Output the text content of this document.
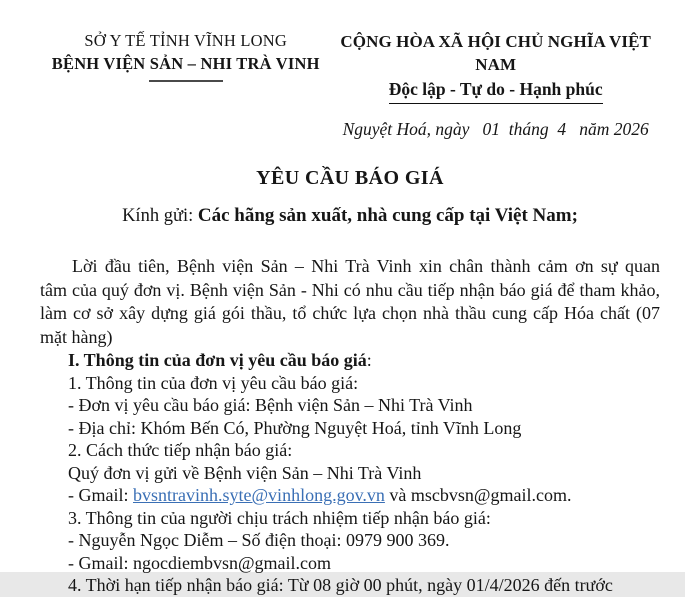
SỞ Y TẾ TỈNH VĨNH LONG
BỆNH VIỆN SẢN – NHI TRÀ VINH
CỘNG HÒA XÃ HỘI CHỦ NGHĨA VIỆT NAM
Độc lập - Tự do - Hạnh phúc
Nguyệt Hoá, ngày   01  tháng  4   năm 2026
YÊU CẦU BÁO GIÁ
Kính gửi: Các hãng sản xuất, nhà cung cấp tại Việt Nam;
Lời đầu tiên, Bệnh viện Sản – Nhi Trà Vinh xin chân thành cảm ơn sự quan
tâm của quý đơn vị. Bệnh viện Sản - Nhi có nhu cầu tiếp nhận báo giá để tham khảo,
làm cơ sở xây dựng giá gói thầu, tổ chức lựa chọn nhà thầu cung cấp Hóa chất (07
mặt hàng)
I. Thông tin của đơn vị yêu cầu báo giá:
1. Thông tin của đơn vị yêu cầu báo giá:
- Đơn vị yêu cầu báo giá: Bệnh viện Sản – Nhi Trà Vinh
- Địa chỉ: Khóm Bến Có, Phường Nguyệt Hoá, tỉnh Vĩnh Long
2. Cách thức tiếp nhận báo giá:
Quý đơn vị gửi về Bệnh viện Sản – Nhi Trà Vinh
- Gmail: bvsntravinh.syte@vinhlong.gov.vn và mscbvsn@gmail.com.
3. Thông tin của người chịu trách nhiệm tiếp nhận báo giá:
- Nguyễn Ngọc Diễm – Số điện thoại: 0979 900 369.
- Gmail: ngocdiembvsn@gmail.com
4. Thời hạn tiếp nhận báo giá: Từ 08 giờ 00 phút, ngày 01/4/2026 đến trước
